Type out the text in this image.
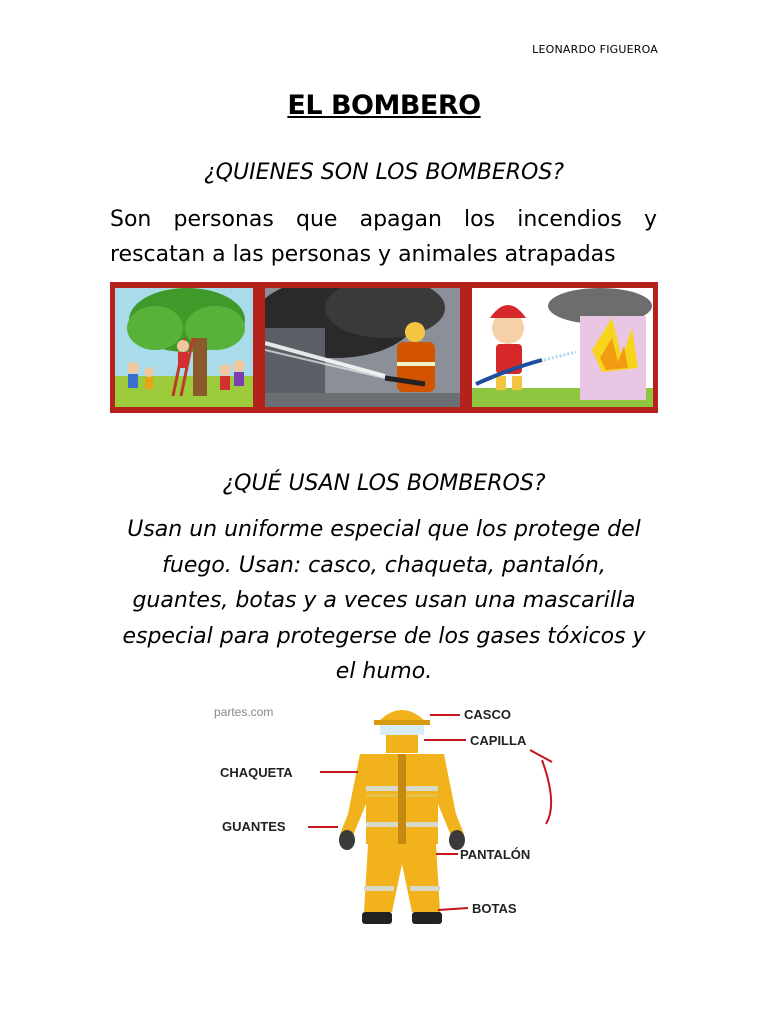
LEONARDO FIGUEROA
EL BOMBERO
¿QUIENES SON LOS BOMBEROS?
Son personas que apagan los incendios y rescatan a las personas y animales atrapadas
¿QUÉ USAN LOS BOMBEROS?
Usan un uniforme especial que los protege del fuego. Usan: casco, chaqueta, pantalón, guantes, botas y a veces usan una mascarilla especial para protegerse de los gases tóxicos y el humo.
partes.com	CASCO
CAPILLA
CHAQUETA
GUANTES
PANTALÓN
BOTAS
